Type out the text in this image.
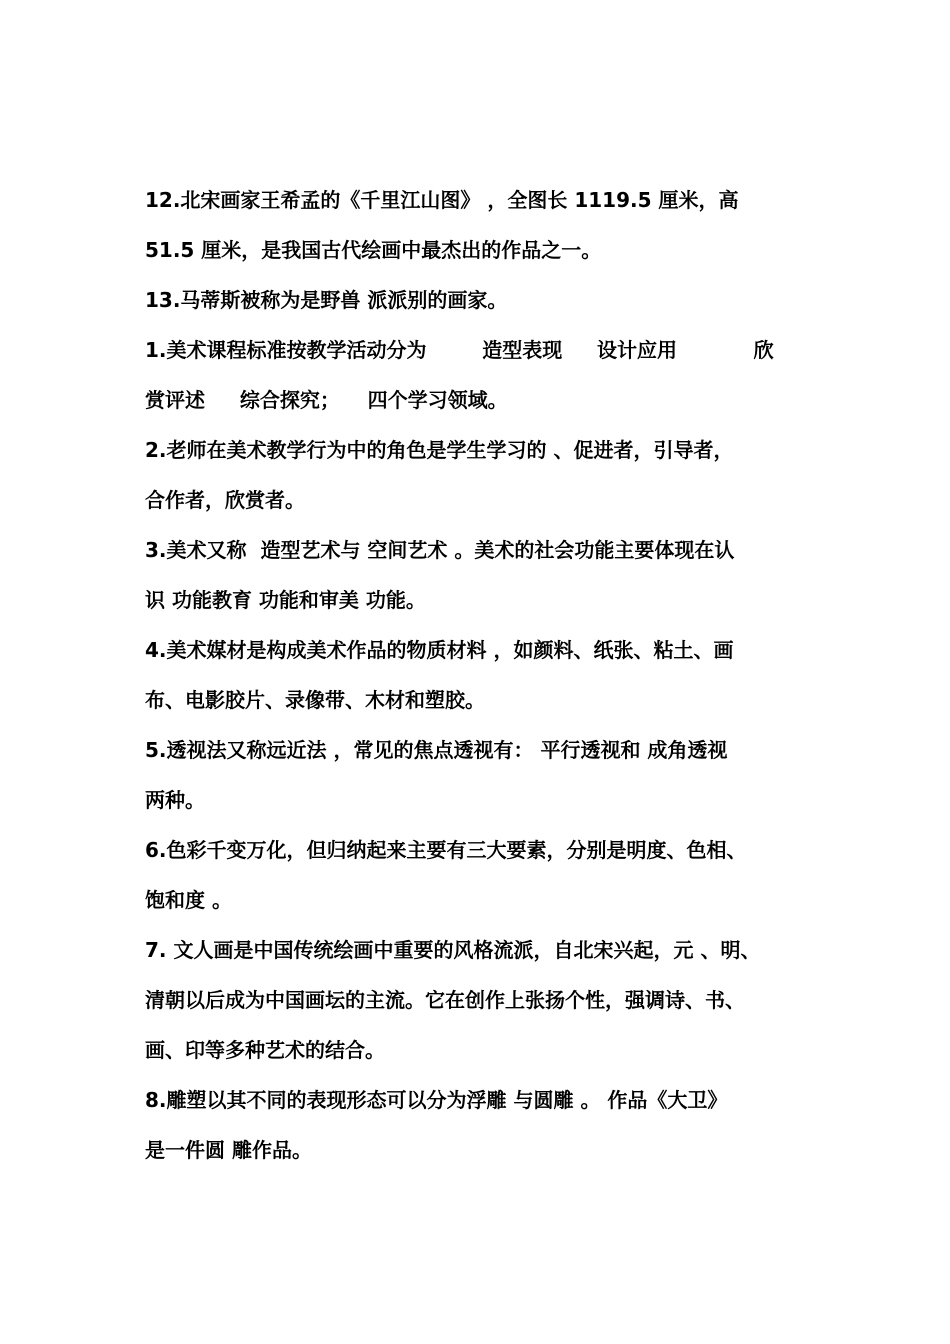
12.北宋画家王希孟的《千里江山图》 ，全图长 1119.5 厘米，高
51.5 厘米，是我国古代绘画中最杰出的作品之一。
13.马蒂斯被称为是野兽 派派别的画家。
1.美术课程标准按教学活动分为        造型表现     设计应用           欣
赏评述     综合探究；    四个学习领域。
2.老师在美术教学行为中的角色是学生学习的 、促进者，引导者，
合作者，欣赏者。
3.美术又称  造型艺术与 空间艺术 。美术的社会功能主要体现在认
识 功能教育 功能和审美 功能。
4.美术媒材是构成美术作品的物质材料 ，如颜料、纸张、粘土、画
布、电影胶片、录像带、木材和塑胶。
5.透视法又称远近法 ，常见的焦点透视有： 平行透视和 成角透视
两种。
6.色彩千变万化，但归纳起来主要有三大要素，分别是明度、色相、
饱和度 。
7. 文人画是中国传统绘画中重要的风格流派，自北宋兴起，元 、明、
清朝以后成为中国画坛的主流。它在创作上张扬个性，强调诗、书、
画、印等多种艺术的结合。
8.雕塑以其不同的表现形态可以分为浮雕 与圆雕 。 作品《大卫》
是一件圆 雕作品。
